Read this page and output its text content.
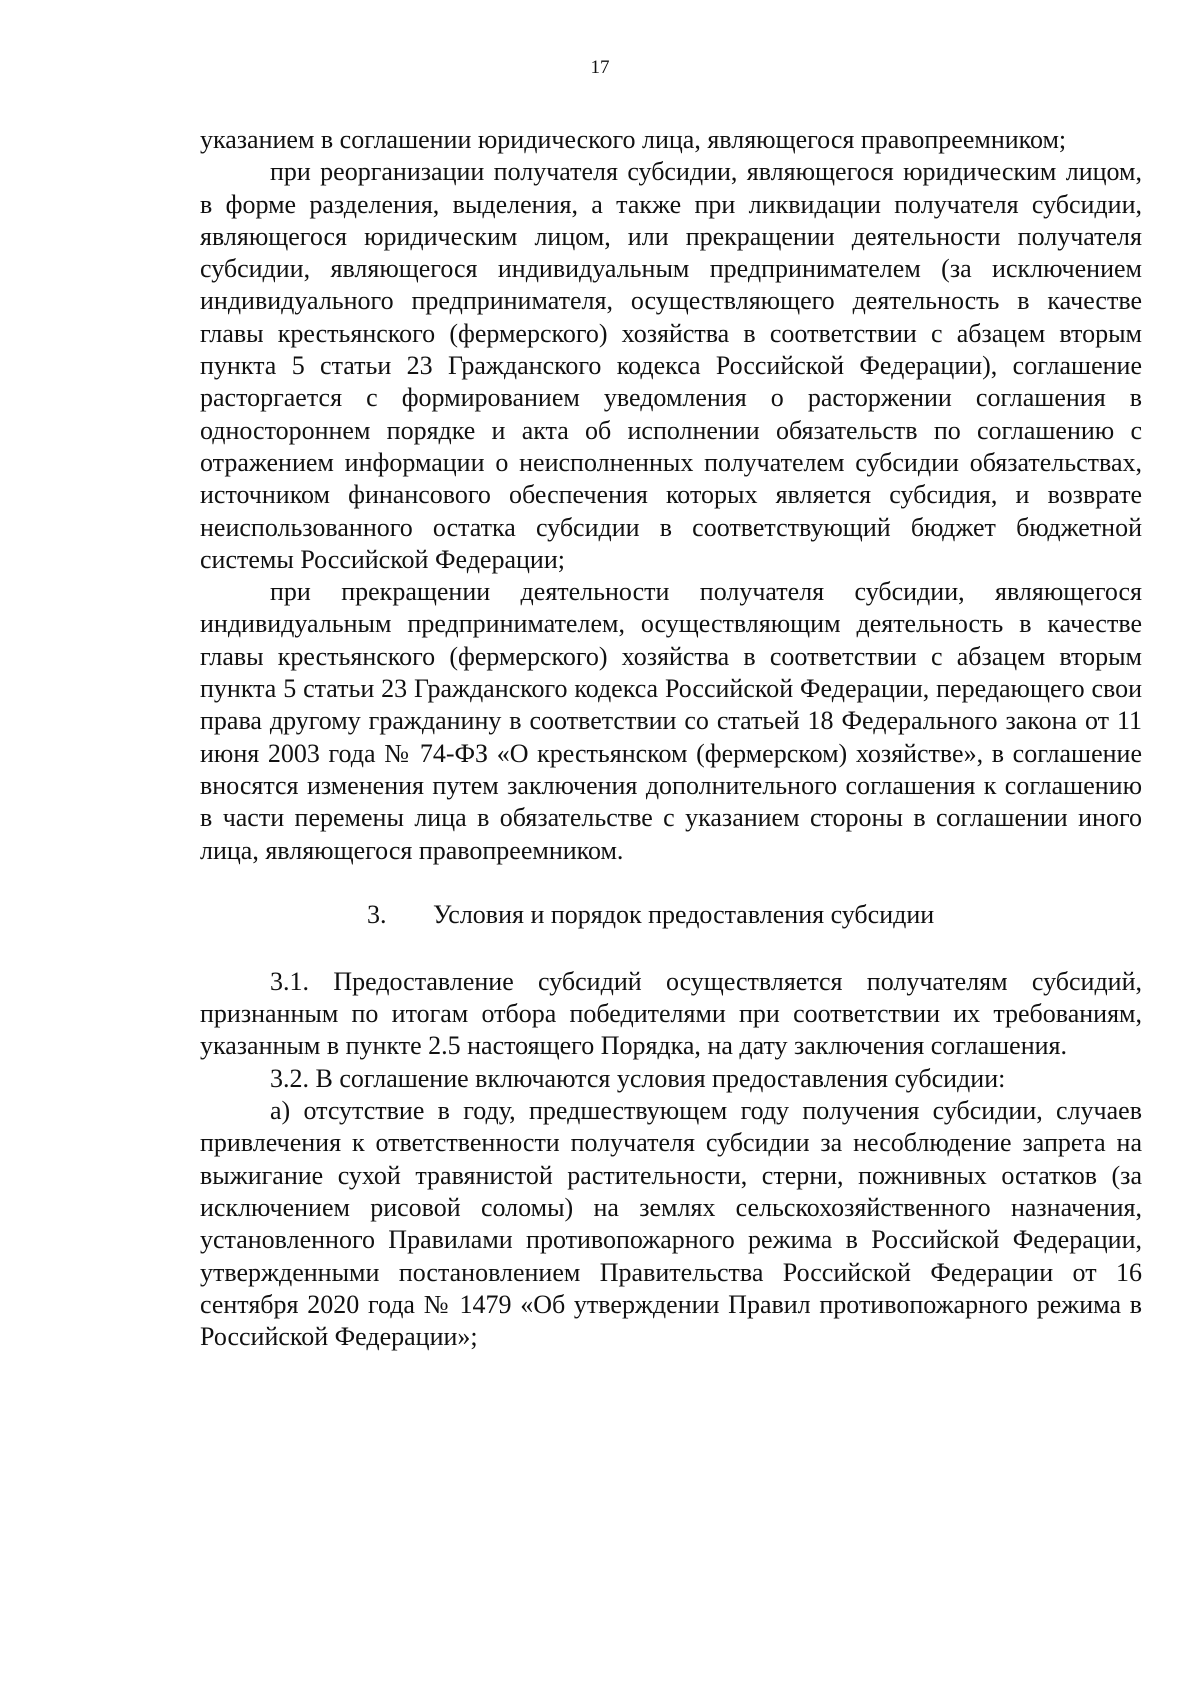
17

указанием в соглашении юридического лица, являющегося правопреемником;

при реорганизации получателя субсидии, являющегося юридическим лицом, в форме разделения, выделения, а также при ликвидации получателя субсидии, являющегося юридическим лицом, или прекращении деятельности получателя субсидии, являющегося индивидуальным предпринимателем (за исключением индивидуального предпринимателя, осуществляющего деятельность в качестве главы крестьянского (фермерского) хозяйства в соответствии с абзацем вторым пункта 5 статьи 23 Гражданского кодекса Российской Федерации), соглашение расторгается с формированием уведомления о расторжении соглашения в одностороннем порядке и акта об исполнении обязательств по соглашению с отражением информации о неисполненных получателем субсидии обязательствах, источником финансового обеспечения которых является субсидия, и возврате неиспользованного остатка субсидии в соответствующий бюджет бюджетной системы Российской Федерации;

при прекращении деятельности получателя субсидии, являющегося индивидуальным предпринимателем, осуществляющим деятельность в качестве главы крестьянского (фермерского) хозяйства в соответствии с абзацем вторым пункта 5 статьи 23 Гражданского кодекса Российской Федерации, передающего свои права другому гражданину в соответствии со статьей 18 Федерального закона от 11 июня 2003 года № 74-ФЗ «О крестьянском (фермерском) хозяйстве», в соглашение вносятся изменения путем заключения дополнительного соглашения к соглашению в части перемены лица в обязательстве с указанием стороны в соглашении иного лица, являющегося правопреемником.

3. Условия и порядок предоставления субсидии

3.1. Предоставление субсидий осуществляется получателям субсидий, признанным по итогам отбора победителями при соответствии их требованиям, указанным в пункте 2.5 настоящего Порядка, на дату заключения соглашения.

3.2. В соглашение включаются условия предоставления субсидии:

а) отсутствие в году, предшествующем году получения субсидии, случаев привлечения к ответственности получателя субсидии за несоблюдение запрета на выжигание сухой травянистой растительности, стерни, пожнивных остатков (за исключением рисовой соломы) на землях сельскохозяйственного назначения, установленного Правилами противопожарного режима в Российской Федерации, утвержденными постановлением Правительства Российской Федерации от 16 сентября 2020 года № 1479 «Об утверждении Правил противопожарного режима в Российской Федерации»;
